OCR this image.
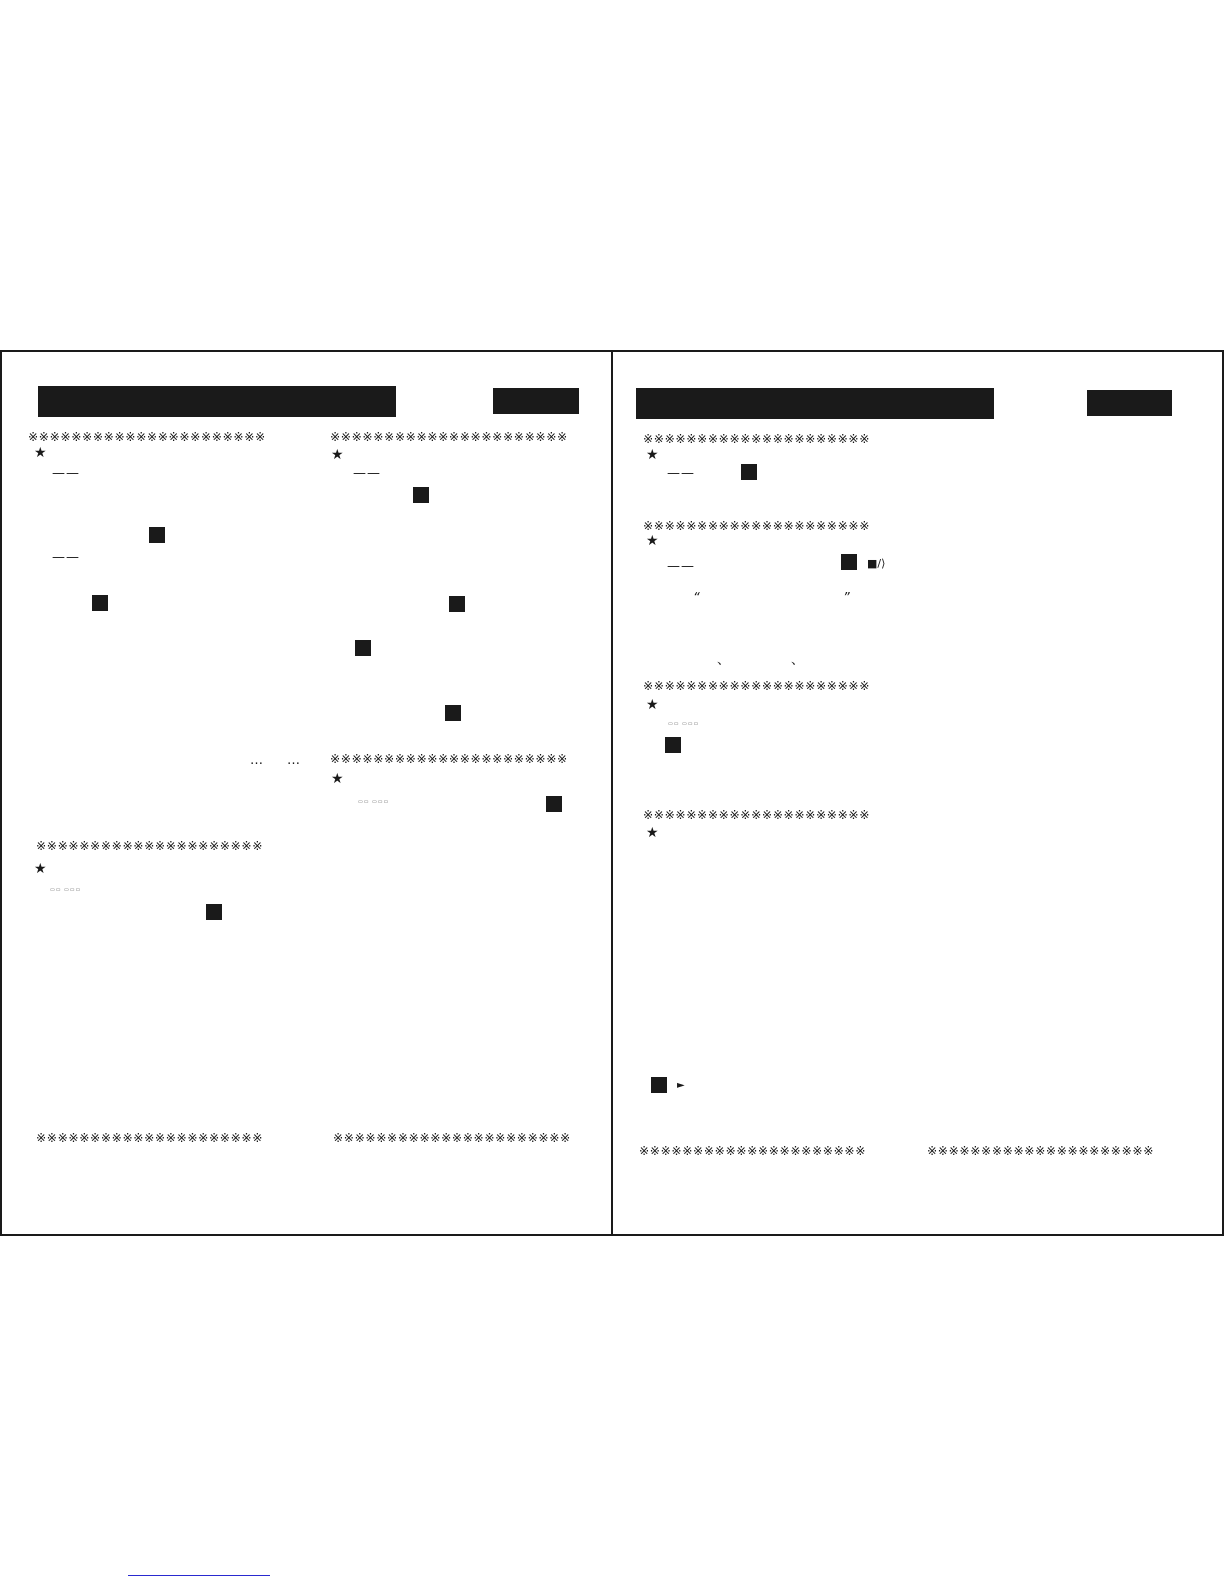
※※※※※※※※※※※※※※※※※※※※※※
★
——
——
… …
※※※※※※※※※※※※※※※※※※※※※
★
▭▭ ▭▭▭
※※※※※※※※※※※※※※※※※※※※※※
★
——
※※※※※※※※※※※※※※※※※※※※※※
★
▭▭ ▭▭▭
※※※※※※※※※※※※※※※※※※※※※	※※※※※※※※※※※※※※※※※※※※※※
※※※※※※※※※※※※※※※※※※※※※
★
——
※※※※※※※※※※※※※※※※※※※※※
★
——	■/⟩
“	”
、	、
※※※※※※※※※※※※※※※※※※※※※
★
▭▭ ▭▭▭
※※※※※※※※※※※※※※※※※※※※※
★
►
※※※※※※※※※※※※※※※※※※※※※	※※※※※※※※※※※※※※※※※※※※※
